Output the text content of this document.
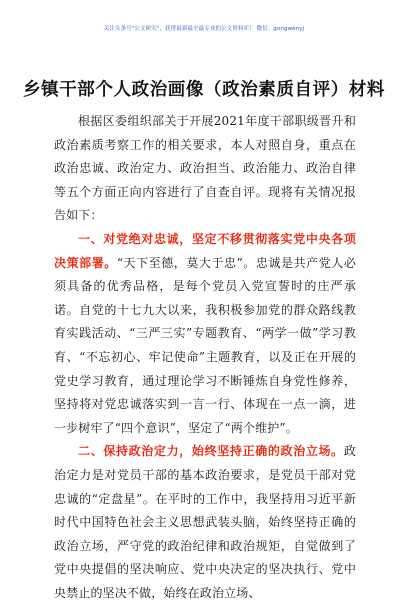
关注头条号"公文研究"，获得最新最全最专业的公文资料库！ 微信：gongwenyj
乡镇干部个人政治画像（政治素质自评）材料

根据区委组织部关于开展2021年度干部职级晋升和政治素质考察工作的相关要求，本人对照自身，重点在政治忠诚、政治定力、政治担当、政治能力、政治自律等五个方面正向内容进行了自查自评。现将有关情况报告如下：

一、对党绝对忠诚，坚定不移贯彻落实党中央各项决策部署。“天下至德，莫大于忠”。忠诚是共产党人必须具备的优秀品格，是每个党员入党宣誓时的庄严承诺。自党的十七九大以来，我积极参加党的群众路线教育实践活动、“三严三实”专题教育、“两学一做”学习教育、“不忘初心、牢记使命”主题教育，以及正在开展的党史学习教育，通过理论学习不断锤炼自身党性修养，坚持将对党忠诚落实到一言一行、体现在一点一滴，进一步树牢了“四个意识”，坚定了“两个维护”。

二、保持政治定力，始终坚持正确的政治立场。政治定力是对党员干部的基本政治要求，是党员干部对党忠诚的“定盘星”。在平时的工作中，我坚持用习近平新时代中国特色社会主义思想武装头脑，始终坚持正确的政治立场，严守党的政治纪律和政治规矩，自觉做到了党中央提倡的坚决响应、党中央决定的坚决执行、党中央禁止的坚决不做，始终在政治立场、
